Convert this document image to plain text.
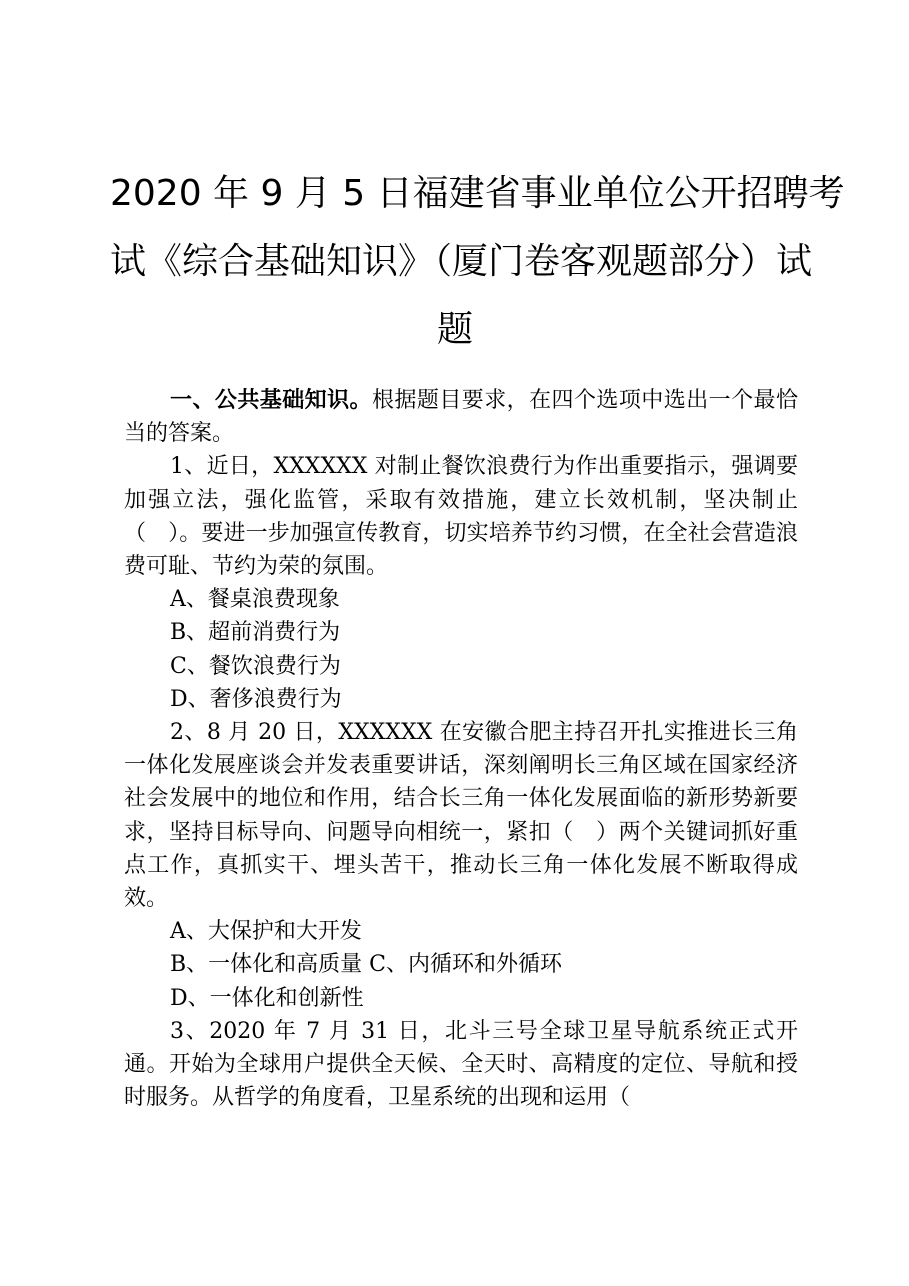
2020 年 9 月 5 日福建省事业单位公开招聘考
试《综合基础知识》（厦门卷客观题部分）试
题

一、公共基础知识。根据题目要求，在四个选项中选出一个最恰当的答案。

1、近日，XXXXXX 对制止餐饮浪费行为作出重要指示，强调要加强立法，强化监管，采取有效措施，建立长效机制，坚决制止（　）。要进一步加强宣传教育，切实培养节约习惯，在全社会营造浪费可耻、节约为荣的氛围。

A、餐桌浪费现象

B、超前消费行为

C、餐饮浪费行为

D、奢侈浪费行为

2、8 月 20 日，XXXXXX 在安徽合肥主持召开扎实推进长三角一体化发展座谈会并发表重要讲话，深刻阐明长三角区域在国家经济社会发展中的地位和作用，结合长三角一体化发展面临的新形势新要求，坚持目标导向、问题导向相统一，紧扣（　）两个关键词抓好重点工作，真抓实干、埋头苦干，推动长三角一体化发展不断取得成效。

A、大保护和大开发

B、一体化和高质量 C、内循环和外循环

D、一体化和创新性

3、2020 年 7 月 31 日，北斗三号全球卫星导航系统正式开通。开始为全球用户提供全天候、全天时、高精度的定位、导航和授时服务。从哲学的角度看，卫星系统的出现和运用（
